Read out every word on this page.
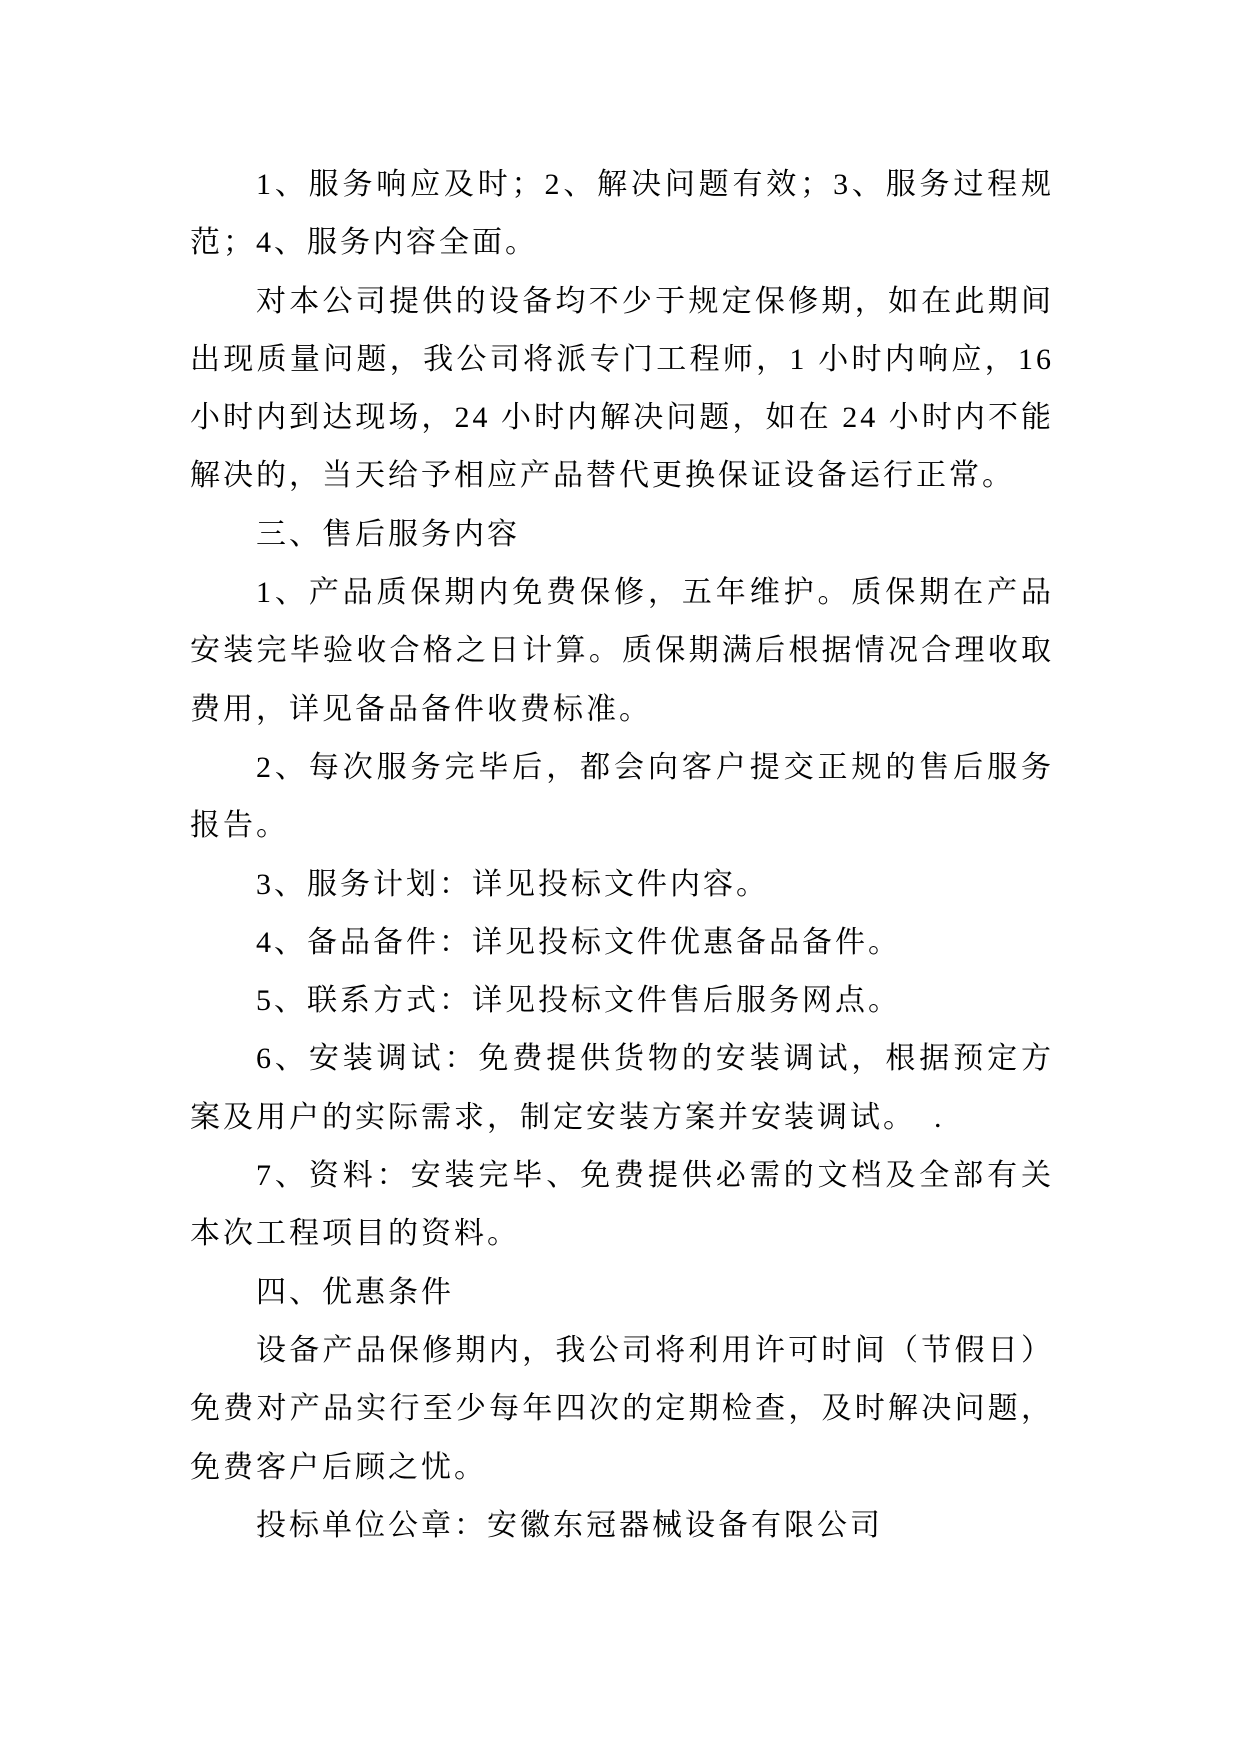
1、服务响应及时；2、解决问题有效；3、服务过程规
范；4、服务内容全面。
对本公司提供的设备均不少于规定保修期，如在此期间
出现质量问题，我公司将派专门工程师，1 小时内响应，16
小时内到达现场，24 小时内解决问题，如在 24 小时内不能
解决的，当天给予相应产品替代更换保证设备运行正常。
三、售后服务内容
1、产品质保期内免费保修，五年维护。质保期在产品
安装完毕验收合格之日计算。质保期满后根据情况合理收取
费用，详见备品备件收费标准。
2、每次服务完毕后，都会向客户提交正规的售后服务
报告。
3、服务计划：详见投标文件内容。
4、备品备件：详见投标文件优惠备品备件。
5、联系方式：详见投标文件售后服务网点。
6、安装调试：免费提供货物的安装调试，根据预定方
案及用户的实际需求，制定安装方案并安装调试。　.
7、资料：安装完毕、免费提供必需的文档及全部有关
本次工程项目的资料。
四、优惠条件
设备产品保修期内，我公司将利用许可时间（节假日）
免费对产品实行至少每年四次的定期检查，及时解决问题，
免费客户后顾之忧。
投标单位公章：安徽东冠器械设备有限公司
